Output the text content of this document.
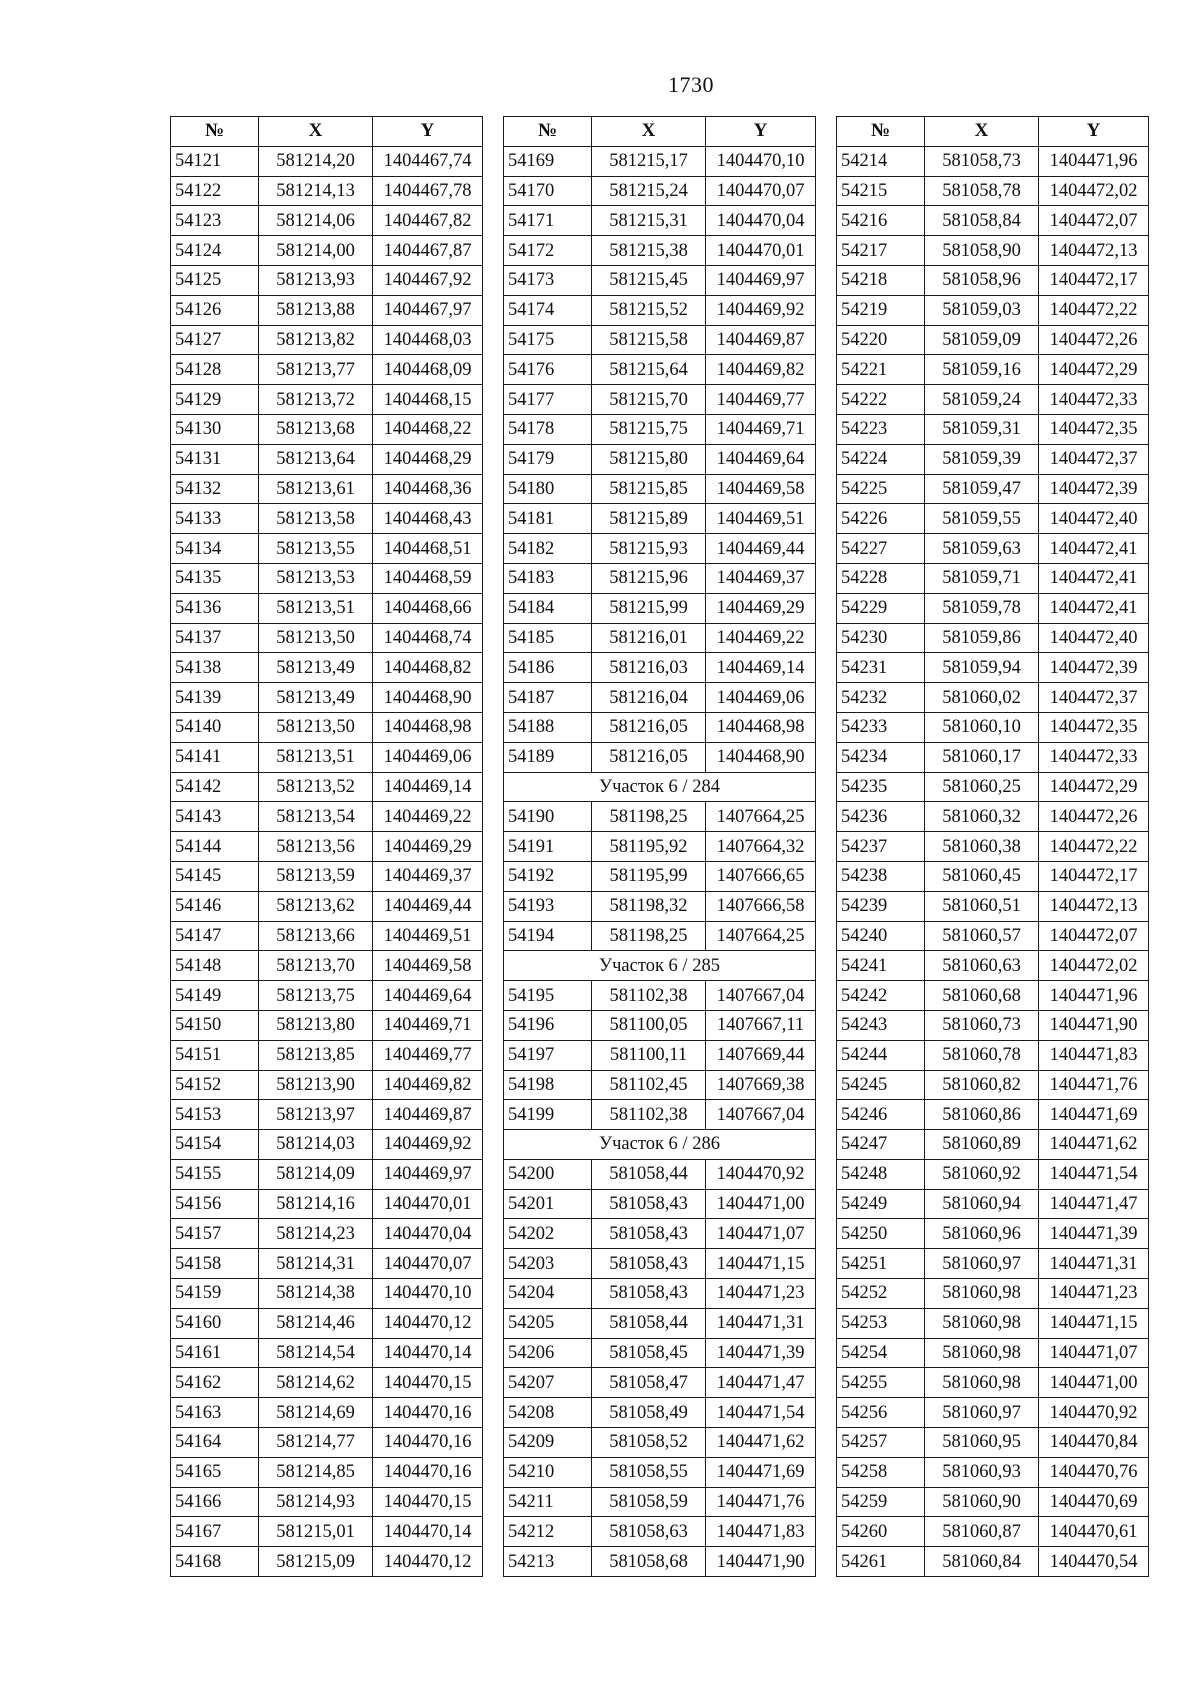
1730
№	X	Y
54121	581214,20	1404467,74
54122	581214,13	1404467,78
54123	581214,06	1404467,82
54124	581214,00	1404467,87
54125	581213,93	1404467,92
54126	581213,88	1404467,97
54127	581213,82	1404468,03
54128	581213,77	1404468,09
54129	581213,72	1404468,15
54130	581213,68	1404468,22
54131	581213,64	1404468,29
54132	581213,61	1404468,36
54133	581213,58	1404468,43
54134	581213,55	1404468,51
54135	581213,53	1404468,59
54136	581213,51	1404468,66
54137	581213,50	1404468,74
54138	581213,49	1404468,82
54139	581213,49	1404468,90
54140	581213,50	1404468,98
54141	581213,51	1404469,06
54142	581213,52	1404469,14
54143	581213,54	1404469,22
54144	581213,56	1404469,29
54145	581213,59	1404469,37
54146	581213,62	1404469,44
54147	581213,66	1404469,51
54148	581213,70	1404469,58
54149	581213,75	1404469,64
54150	581213,80	1404469,71
54151	581213,85	1404469,77
54152	581213,90	1404469,82
54153	581213,97	1404469,87
54154	581214,03	1404469,92
54155	581214,09	1404469,97
54156	581214,16	1404470,01
54157	581214,23	1404470,04
54158	581214,31	1404470,07
54159	581214,38	1404470,10
54160	581214,46	1404470,12
54161	581214,54	1404470,14
54162	581214,62	1404470,15
54163	581214,69	1404470,16
54164	581214,77	1404470,16
54165	581214,85	1404470,16
54166	581214,93	1404470,15
54167	581215,01	1404470,14
54168	581215,09	1404470,12
№	X	Y
54169	581215,17	1404470,10
54170	581215,24	1404470,07
54171	581215,31	1404470,04
54172	581215,38	1404470,01
54173	581215,45	1404469,97
54174	581215,52	1404469,92
54175	581215,58	1404469,87
54176	581215,64	1404469,82
54177	581215,70	1404469,77
54178	581215,75	1404469,71
54179	581215,80	1404469,64
54180	581215,85	1404469,58
54181	581215,89	1404469,51
54182	581215,93	1404469,44
54183	581215,96	1404469,37
54184	581215,99	1404469,29
54185	581216,01	1404469,22
54186	581216,03	1404469,14
54187	581216,04	1404469,06
54188	581216,05	1404468,98
54189	581216,05	1404468,90
Участок 6 / 284		
54190	581198,25	1407664,25
54191	581195,92	1407664,32
54192	581195,99	1407666,65
54193	581198,32	1407666,58
54194	581198,25	1407664,25
Участок 6 / 285		
54195	581102,38	1407667,04
54196	581100,05	1407667,11
54197	581100,11	1407669,44
54198	581102,45	1407669,38
54199	581102,38	1407667,04
Участок 6 / 286		
54200	581058,44	1404470,92
54201	581058,43	1404471,00
54202	581058,43	1404471,07
54203	581058,43	1404471,15
54204	581058,43	1404471,23
54205	581058,44	1404471,31
54206	581058,45	1404471,39
54207	581058,47	1404471,47
54208	581058,49	1404471,54
54209	581058,52	1404471,62
54210	581058,55	1404471,69
54211	581058,59	1404471,76
54212	581058,63	1404471,83
54213	581058,68	1404471,90
№	X	Y
54214	581058,73	1404471,96
54215	581058,78	1404472,02
54216	581058,84	1404472,07
54217	581058,90	1404472,13
54218	581058,96	1404472,17
54219	581059,03	1404472,22
54220	581059,09	1404472,26
54221	581059,16	1404472,29
54222	581059,24	1404472,33
54223	581059,31	1404472,35
54224	581059,39	1404472,37
54225	581059,47	1404472,39
54226	581059,55	1404472,40
54227	581059,63	1404472,41
54228	581059,71	1404472,41
54229	581059,78	1404472,41
54230	581059,86	1404472,40
54231	581059,94	1404472,39
54232	581060,02	1404472,37
54233	581060,10	1404472,35
54234	581060,17	1404472,33
54235	581060,25	1404472,29
54236	581060,32	1404472,26
54237	581060,38	1404472,22
54238	581060,45	1404472,17
54239	581060,51	1404472,13
54240	581060,57	1404472,07
54241	581060,63	1404472,02
54242	581060,68	1404471,96
54243	581060,73	1404471,90
54244	581060,78	1404471,83
54245	581060,82	1404471,76
54246	581060,86	1404471,69
54247	581060,89	1404471,62
54248	581060,92	1404471,54
54249	581060,94	1404471,47
54250	581060,96	1404471,39
54251	581060,97	1404471,31
54252	581060,98	1404471,23
54253	581060,98	1404471,15
54254	581060,98	1404471,07
54255	581060,98	1404471,00
54256	581060,97	1404470,92
54257	581060,95	1404470,84
54258	581060,93	1404470,76
54259	581060,90	1404470,69
54260	581060,87	1404470,61
54261	581060,84	1404470,54
